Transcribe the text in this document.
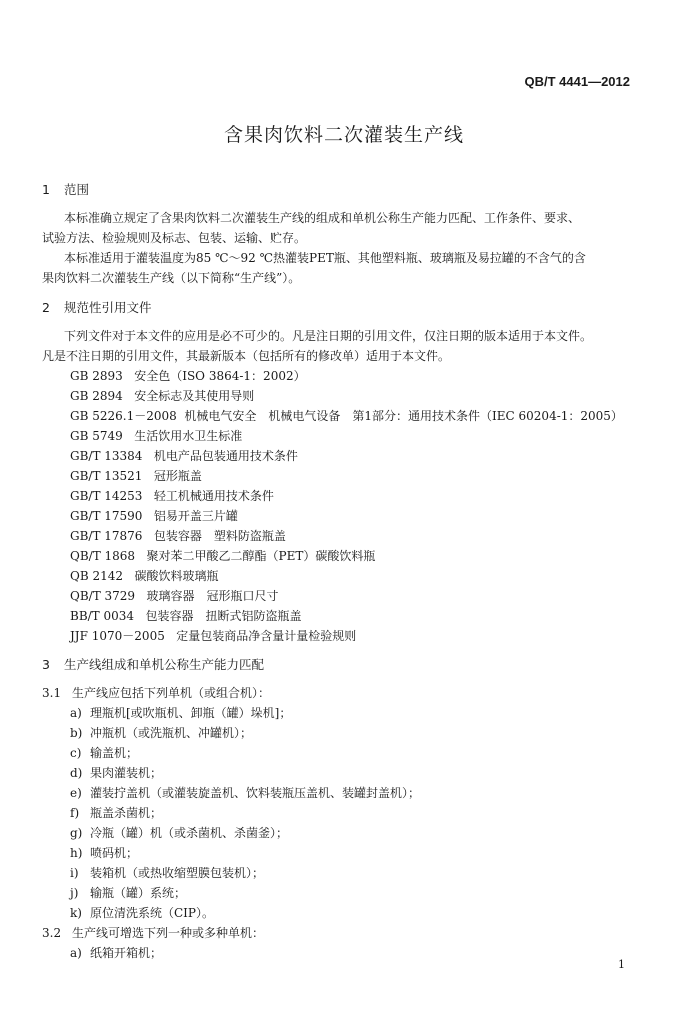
QB/T 4441—2012
含果肉饮料二次灌装生产线
1 范围
本标准确立规定了含果肉饮料二次灌装生产线的组成和单机公称生产能力匹配、工作条件、要求、
试验方法、检验规则及标志、包装、运输、贮存。
本标准适用于灌装温度为85 ℃～92 ℃热灌装PET瓶、其他塑料瓶、玻璃瓶及易拉罐的不含气的含
果肉饮料二次灌装生产线（以下简称“生产线”）。
2 规范性引用文件
下列文件对于本文件的应用是必不可少的。凡是注日期的引用文件，仅注日期的版本适用于本文件。
凡是不注日期的引用文件，其最新版本（包括所有的修改单）适用于本文件。
GB 2893 安全色（ISO 3864-1：2002）
GB 2894 安全标志及其使用导则
GB 5226.1－2008 机械电气安全　机械电气设备　第1部分：通用技术条件（IEC 60204-1：2005）
GB 5749 生活饮用水卫生标准
GB/T 13384 机电产品包装通用技术条件
GB/T 13521 冠形瓶盖
GB/T 14253 轻工机械通用技术条件
GB/T 17590 铝易开盖三片罐
GB/T 17876 包装容器　塑料防盗瓶盖
QB/T 1868 聚对苯二甲酸乙二醇酯（PET）碳酸饮料瓶
QB 2142 碳酸饮料玻璃瓶
QB/T 3729 玻璃容器　冠形瓶口尺寸
BB/T 0034 包装容器　扭断式铝防盗瓶盖
JJF 1070－2005 定量包装商品净含量计量检验规则
3 生产线组成和单机公称生产能力匹配
3.1 生产线应包括下列单机（或组合机）：
a) 理瓶机[或吹瓶机、卸瓶（罐）垛机]；
b) 冲瓶机（或洗瓶机、冲罐机）；
c) 输盖机；
d) 果肉灌装机；
e) 灌装拧盖机（或灌装旋盖机、饮料装瓶压盖机、装罐封盖机）；
f) 瓶盖杀菌机；
g) 冷瓶（罐）机（或杀菌机、杀菌釜）；
h) 喷码机；
i) 装箱机（或热收缩塑膜包装机）；
j) 输瓶（罐）系统；
k) 原位清洗系统（CIP）。
3.2 生产线可增选下列一种或多种单机：
a) 纸箱开箱机；
1
